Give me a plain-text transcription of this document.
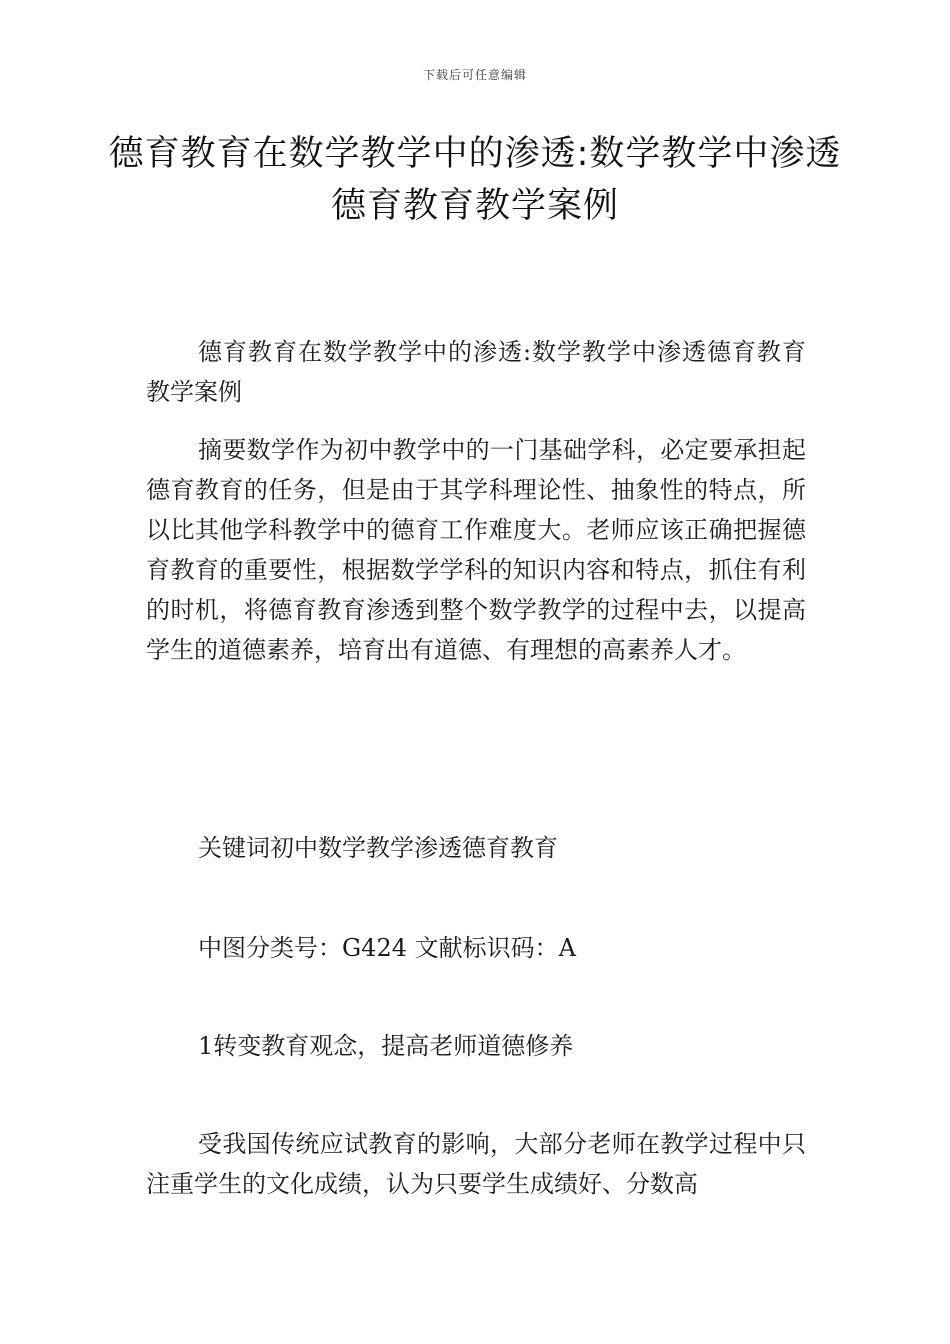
下载后可任意编辑
德育教育在数学教学中的渗透:数学教学中渗透德育教育教学案例

德育教育在数学教学中的渗透:数学教学中渗透德育教育教学案例

摘要数学作为初中教学中的一门基础学科，必定要承担起德育教育的任务，但是由于其学科理论性、抽象性的特点，所以比其他学科教学中的德育工作难度大。老师应该正确把握德育教育的重要性，根据数学学科的知识内容和特点，抓住有利的时机，将德育教育渗透到整个数学教学的过程中去，以提高学生的道德素养，培育出有道德、有理想的高素养人才。

关键词初中数学教学渗透德育教育

中图分类号：G424 文献标识码：A

1转变教育观念，提高老师道德修养

受我国传统应试教育的影响，大部分老师在教学过程中只注重学生的文化成绩，认为只要学生成绩好、分数高
